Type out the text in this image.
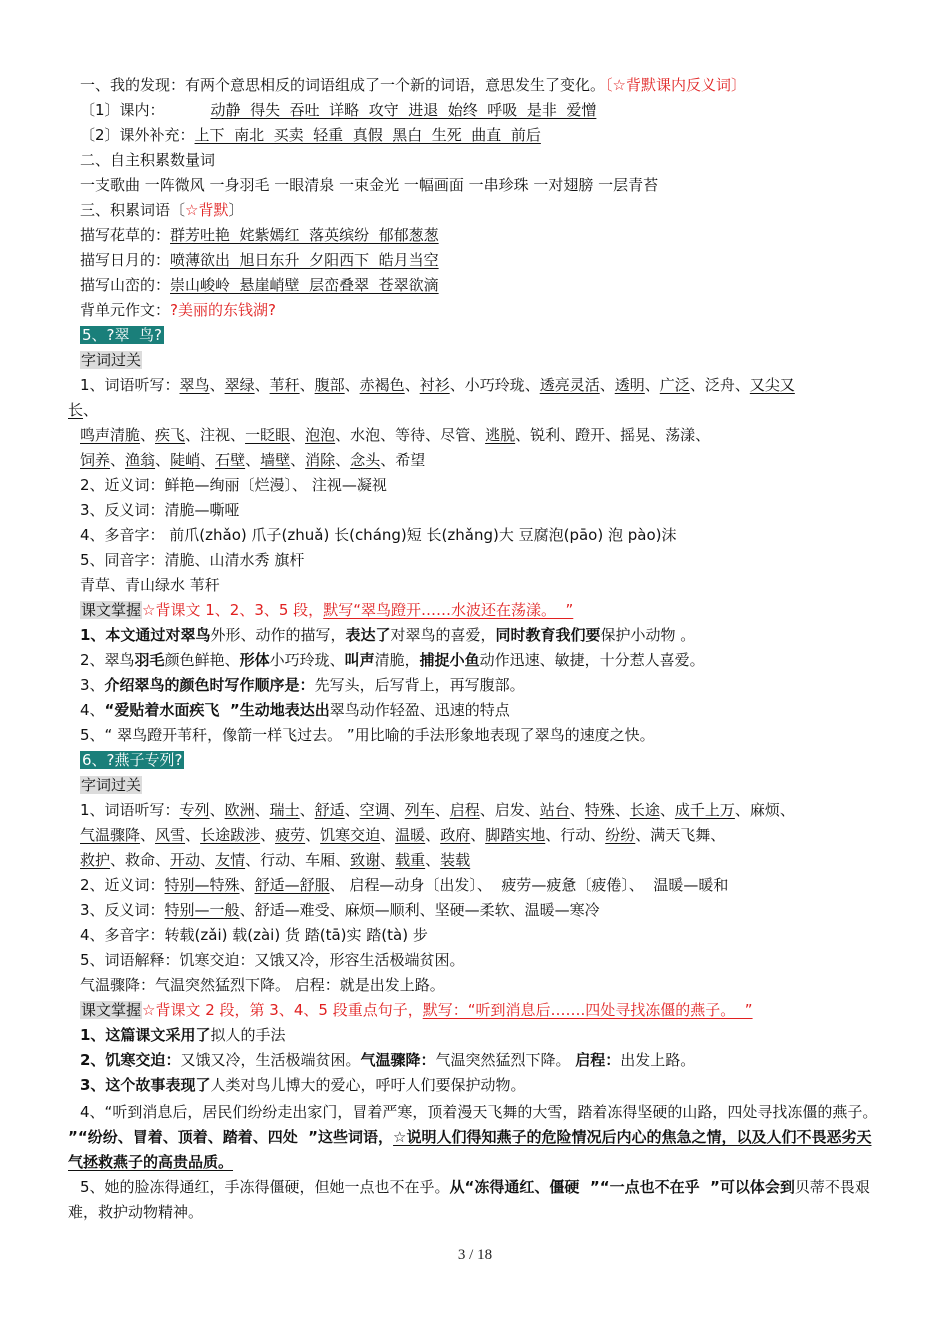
一、我的发现：有两个意思相反的词语组成了一个新的词语，意思发生了变化。〔☆背默课内反义词〕
〔1〕课内：	动静  得失  吞吐  详略  攻守  进退  始终  呼吸  是非  爱憎
〔2〕课外补充：上下  南北  买卖  轻重  真假  黑白  生死  曲直  前后
二、自主积累数量词
一支歌曲 一阵微风 一身羽毛 一眼清泉 一束金光 一幅画面 一串珍珠 一对翅膀 一层青苔
三、积累词语〔☆背默〕
描写花草的：群芳吐艳  姹紫嫣红  落英缤纷  郁郁葱葱
描写日月的：喷薄欲出  旭日东升  夕阳西下  皓月当空
描写山峦的：崇山峻岭  悬崖峭壁  层峦叠翠  苍翠欲滴
背单元作文：?美丽的东钱湖?
5、?翠  鸟?
字词过关
1、词语听写：翠鸟、翠绿、苇秆、腹部、赤褐色、衬衫、小巧玲珑、透亮灵活、透明、广泛、泛舟、又尖又
长、
鸣声清脆、疾飞、注视、一眨眼、泡泡、水泡、等待、尽管、逃脱、锐利、蹬开、摇晃、荡漾、
饲养、渔翁、陡峭、石壁、墙壁、消除、念头、希望
2、近义词：鲜艳—绚丽〔烂漫〕、 注视—凝视
3、反义词：清脆—嘶哑
4、多音字： 前爪(zhǎo) 爪子(zhuǎ) 长(cháng)短 长(zhǎng)大 豆腐泡(pāo) 泡 pào)沫
5、同音字：清脆、山清水秀 旗杆
青草、青山绿水 苇秆
课文掌握☆背课文 1、2、3、5 段，默写“翠鸟蹬开……水波还在荡漾。  ”
1、本文通过对翠鸟外形、动作的描写，表达了对翠鸟的喜爱，同时教育我们要保护小动物 。
2、翠鸟羽毛颜色鲜艳、形体小巧玲珑、叫声清脆，捕捉小鱼动作迅速、敏捷，十分惹人喜爱。
3、介绍翠鸟的颜色时写作顺序是：先写头，后写背上，再写腹部。
4、“爱贴着水面疾飞  ”生动地表达出翠鸟动作轻盈、迅速的特点
5、“ 翠鸟蹬开苇秆，像箭一样飞过去。 ”用比喻的手法形象地表现了翠鸟的速度之快。
6、?燕子专列?
字词过关
1、词语听写：专列、欧洲、瑞士、舒适、空调、列车、启程、启发、站台、特殊、长途、成千上万、麻烦、
气温骤降、风雪、长途跋涉、疲劳、饥寒交迫、温暖、政府、脚踏实地、行动、纷纷、满天飞舞、
救护、救命、开动、友情、行动、车厢、致谢、载重、装载
2、近义词：特别—特殊、舒适—舒服、 启程—动身〔出发〕、  疲劳—疲惫〔疲倦〕、  温暖—暖和
3、反义词：特别—一般、舒适—难受、麻烦—顺利、坚硬—柔软、温暖—寒冷
4、多音字：转载(zǎi) 载(zài) 货 踏(tā)实 踏(tà) 步
5、词语解释：饥寒交迫：又饿又冷，形容生活极端贫困。
气温骤降：气温突然猛烈下降。 启程：就是出发上路。
课文掌握☆背课文 2 段，第 3、4、5 段重点句子，默写：“听到消息后…….四处寻找冻僵的燕子。  ”
1、这篇课文采用了拟人的手法
2、饥寒交迫：又饿又冷，生活极端贫困。气温骤降：气温突然猛烈下降。 启程：出发上路。
3、这个故事表现了人类对鸟儿博大的爱心，呼吁人们要保护动物。
4、“听到消息后，居民们纷纷走出家门，冒着严寒，顶着漫天飞舞的大雪，踏着冻得坚硬的山路，四处寻找冻僵的燕子。  ”“纷纷、冒着、顶着、踏着、四处  ”这些词语，☆说明人们得知燕子的危险情况后内心的焦急之情，以及人们不畏恶劣天气拯救燕子的高贵品质。
5、她的脸冻得通红，手冻得僵硬，但她一点也不在乎。从“冻得通红、僵硬  ”“一点也不在乎  ”可以体会到贝蒂不畏艰难，救护动物精神。
3 / 18
